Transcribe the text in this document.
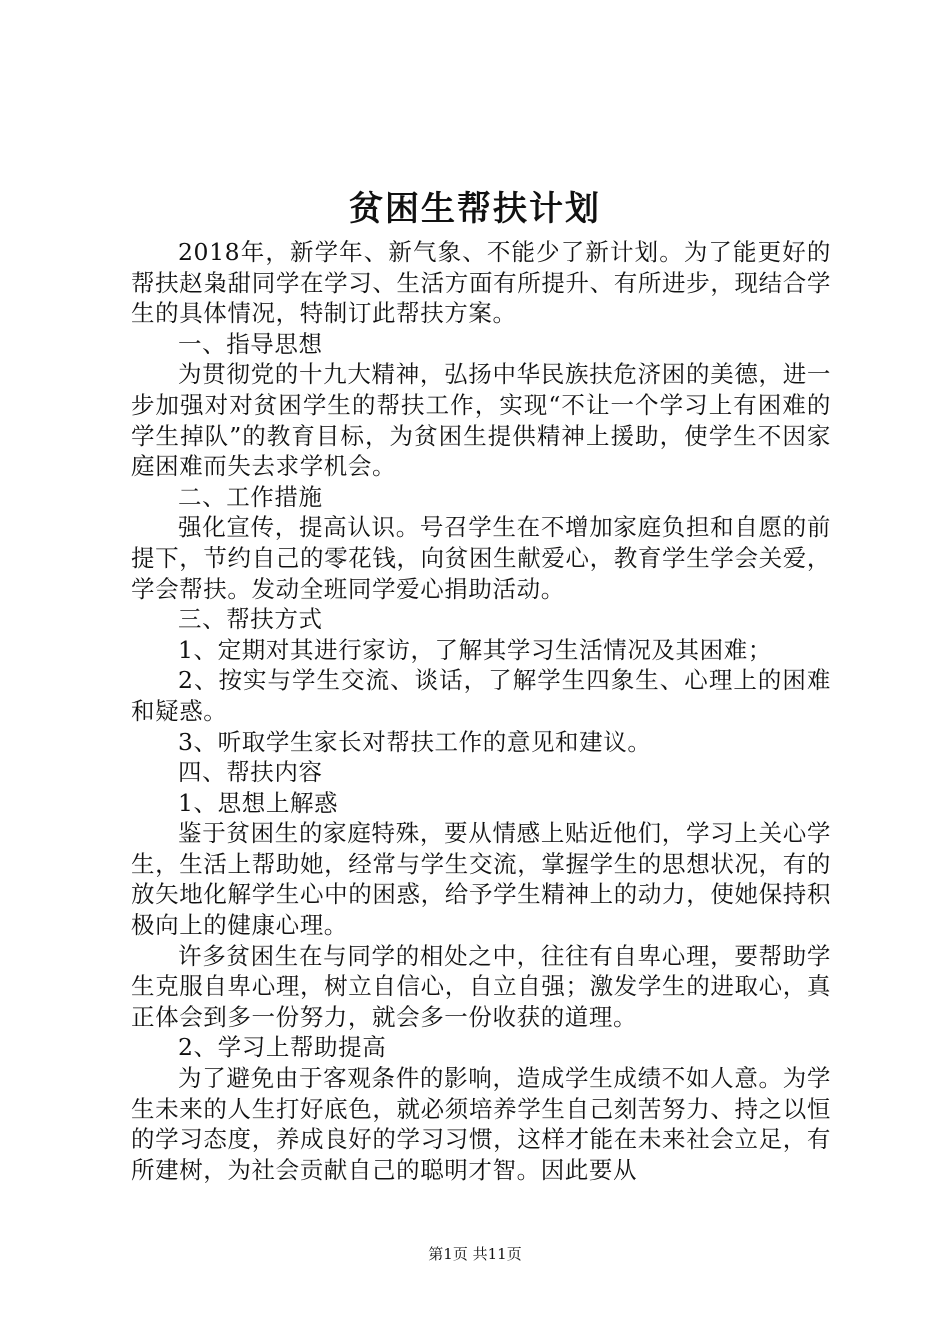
贫困生帮扶计划

2018年，新学年、新气象、不能少了新计划。为了能更好的帮扶赵枭甜同学在学习、生活方面有所提升、有所进步，现结合学生的具体情况，特制订此帮扶方案。

一、指导思想

为贯彻党的十九大精神，弘扬中华民族扶危济困的美德，进一步加强对对贫困学生的帮扶工作，实现“不让一个学习上有困难的学生掉队”的教育目标，为贫困生提供精神上援助，使学生不因家庭困难而失去求学机会。

二、工作措施

强化宣传，提高认识。号召学生在不增加家庭负担和自愿的前提下，节约自己的零花钱，向贫困生献爱心，教育学生学会关爱，学会帮扶。发动全班同学爱心捐助活动。

三、帮扶方式

1、定期对其进行家访，了解其学习生活情况及其困难；

2、按实与学生交流、谈话，了解学生四象生、心理上的困难和疑惑。

3、听取学生家长对帮扶工作的意见和建议。

四、帮扶内容

1、思想上解惑

鉴于贫困生的家庭特殊，要从情感上贴近他们，学习上关心学生，生活上帮助她，经常与学生交流，掌握学生的思想状况，有的放矢地化解学生心中的困惑，给予学生精神上的动力，使她保持积极向上的健康心理。

许多贫困生在与同学的相处之中，往往有自卑心理，要帮助学生克服自卑心理，树立自信心，自立自强；激发学生的进取心，真正体会到多一份努力，就会多一份收获的道理。

2、学习上帮助提高

为了避免由于客观条件的影响，造成学生成绩不如人意。为学生未来的人生打好底色，就必须培养学生自己刻苦努力、持之以恒的学习态度，养成良好的学习习惯，这样才能在未来社会立足，有所建树，为社会贡献自己的聪明才智。因此要从

第1页 共11页
